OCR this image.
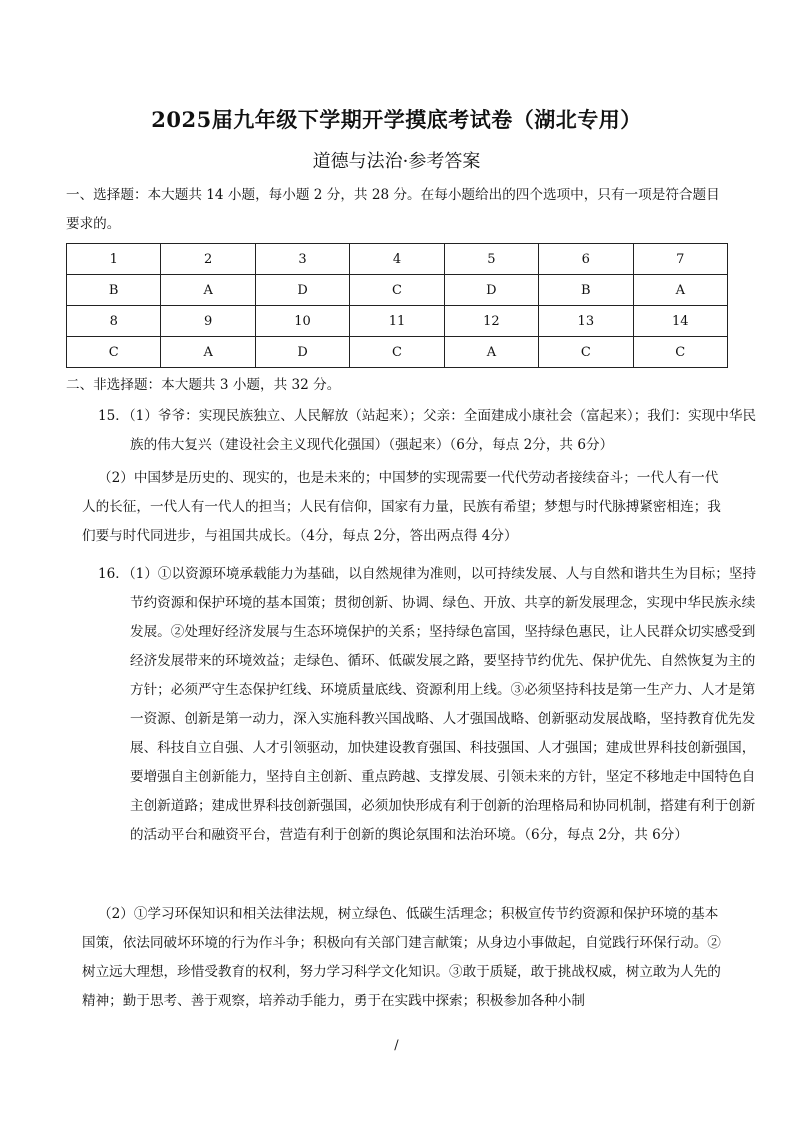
2025届九年级下学期开学摸底考试卷（湖北专用）
道德与法治·参考答案
一、选择题：本大题共 14 小题，每小题 2 分，共 28 分。在每小题给出的四个选项中，只有一项是符合题目要求的。
1	2	3	4	5	6	7
B	A	D	C	D	B	A
8	9	10	11	12	13	14
C	A	D	C	A	C	C
二、非选择题：本大题共 3 小题，共 32 分。
15．（1）爷爷：实现民族独立、人民解放（站起来）；父亲：全面建成小康社会（富起来）；我们：实现中华民族的伟大复兴（建设社会主义现代化强国）（强起来）（6分，每点 2分，共 6分）
（2）中国梦是历史的、现实的，也是未来的；中国梦的实现需要一代代劳动者接续奋斗；一代人有一代人的长征，一代人有一代人的担当；人民有信仰，国家有力量，民族有希望；梦想与时代脉搏紧密相连；我们要与时代同进步，与祖国共成长。（4分，每点 2分，答出两点得 4分）
16．（1）①以资源环境承载能力为基础，以自然规律为准则，以可持续发展、人与自然和谐共生为目标；坚持节约资源和保护环境的基本国策；贯彻创新、协调、绿色、开放、共享的新发展理念，实现中华民族永续发展。②处理好经济发展与生态环境保护的关系；坚持绿色富国，坚持绿色惠民，让人民群众切实感受到经济发展带来的环境效益；走绿色、循环、低碳发展之路，要坚持节约优先、保护优先、自然恢复为主的方针；必须严守生态保护红线、环境质量底线、资源利用上线。③必须坚持科技是第一生产力、人才是第一资源、创新是第一动力，深入实施科教兴国战略、人才强国战略、创新驱动发展战略，坚持教育优先发展、科技自立自强、人才引领驱动，加快建设教育强国、科技强国、人才强国；建成世界科技创新强国，要增强自主创新能力，坚持自主创新、重点跨越、支撑发展、引领未来的方针，坚定不移地走中国特色自主创新道路；建成世界科技创新强国，必须加快形成有利于创新的治理格局和协同机制，搭建有利于创新的活动平台和融资平台，营造有利于创新的舆论氛围和法治环境。（6分，每点 2分，共 6分）
（2）①学习环保知识和相关法律法规，树立绿色、低碳生活理念；积极宣传节约资源和保护环境的基本国策，依法同破坏环境的行为作斗争；积极向有关部门建言献策；从身边小事做起，自觉践行环保行动。②树立远大理想，珍惜受教育的权利，努力学习科学文化知识。③敢于质疑，敢于挑战权威，树立敢为人先的精神；勤于思考、善于观察，培养动手能力，勇于在实践中探索；积极参加各种小制
/
